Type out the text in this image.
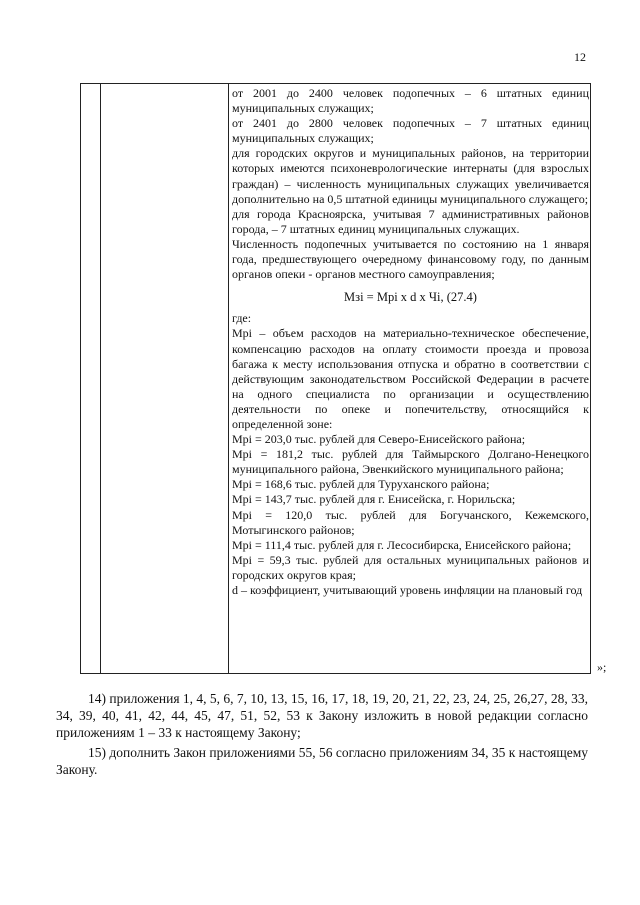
12

от 2001 до 2400 человек подопечных – 6 штатных единиц муниципальных служащих;

от 2401 до 2800 человек подопечных – 7 штатных единиц муниципальных служащих;

для городских округов и муниципальных районов, на территории которых имеются психоневрологические интернаты (для взрослых граждан) – численность муниципальных служащих увеличивается дополнительно на 0,5 штатной единицы муниципального служащего;

для города Красноярска, учитывая 7 административных районов города, – 7 штатных единиц муниципальных служащих.

Численность подопечных учитывается по состоянию на 1 января года, предшествующего очередному финансовому году, по данным органов опеки - органов местного самоуправления;

Мзi = Мрi x d x Чi, (27.4)

где:

Мрi – объем расходов на материально-техническое обеспечение, компенсацию расходов на оплату стоимости проезда и провоза багажа к месту использования отпуска и обратно в соответствии с действующим законодательством Российской Федерации в расчете на одного специалиста по организации и осуществлению деятельности по опеке и попечительству, относящийся к определенной зоне:

Мрi = 203,0 тыс. рублей для Северо-Енисейского района;

Мрi = 181,2 тыс. рублей для Таймырского Долгано-Ненецкого муниципального района, Эвенкийского муниципального района;

Мрi = 168,6 тыс. рублей для Туруханского района;

Мрi = 143,7 тыс. рублей для г. Енисейска, г. Норильска;

Мрi = 120,0 тыс. рублей для Богучанского, Кежемского, Мотыгинского районов;

Мрi = 111,4 тыс. рублей для г. Лесосибирска, Енисейского района;

Мрi = 59,3 тыс. рублей для остальных муниципальных районов и городских округов края;

d – коэффициент, учитывающий уровень инфляции на плановый год

»;
14) приложения 1, 4, 5, 6, 7, 10, 13, 15, 16, 17, 18, 19, 20, 21, 22, 23, 24, 25, 26,27, 28, 33, 34, 39, 40, 41, 42, 44, 45, 47, 51, 52, 53 к Закону изложить в новой редакции согласно приложениям 1 – 33 к настоящему Закону;
15) дополнить Закон приложениями 55, 56 согласно приложениям 34, 35 к настоящему Закону.
